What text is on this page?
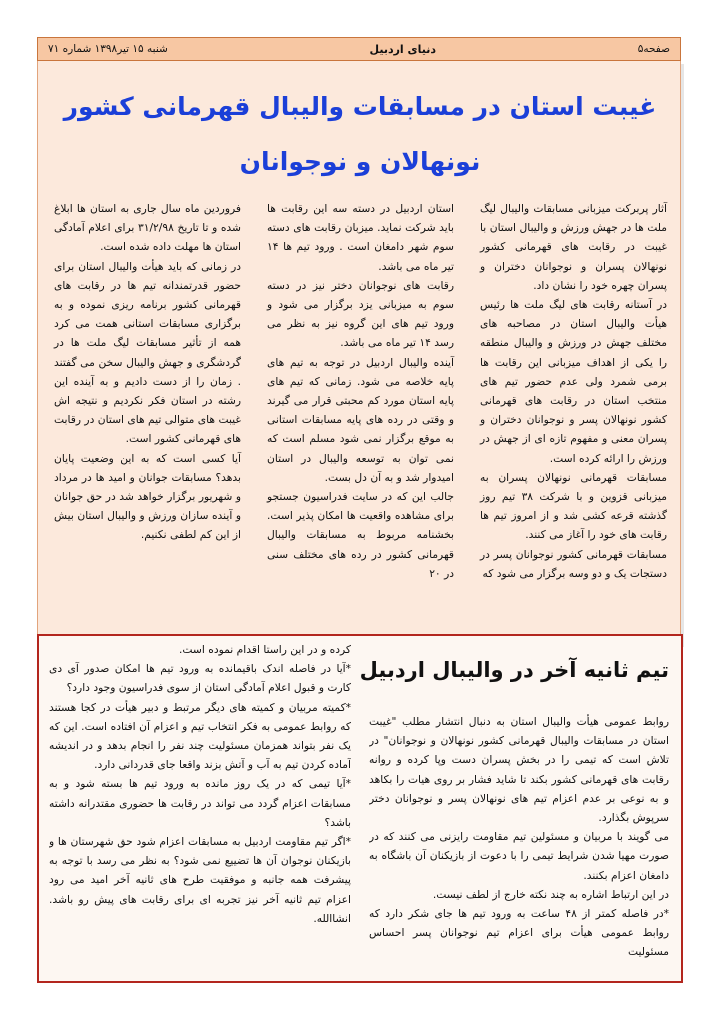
صفحه۵
دنیای اردبیل
شنبه ۱۵ تیر۱۳۹۸ شماره ۷۱
غیبت استان در مسابقات والیبال قهرمانی کشور
نونهالان و نوجوانان

آثار پربرکت میزبانی مسابقات والیبال لیگ ملت ها در جهش ورزش و والیبال استان با غیبت در رقابت های قهرمانی کشور نونهالان پسران و نوجوانان دختران و پسران چهره خود را نشان داد.

در آستانه رقابت های لیگ ملت ها رئیس هیأت والیبال استان در مصاحبه های مختلف جهش در ورزش و والیبال منطقه را یکی از اهداف میزبانی این رقابت ها برمی شمرد ولی عدم حضور تیم های منتخب استان در رقابت های قهرمانی کشور نونهالان پسر و نوجوانان دختران و پسران معنی و مفهوم تازه ای از جهش در ورزش را ارائه کرده است.

مسابقات قهرمانی نونهالان پسران به میزبانی قزوین و با شرکت ۳۸ تیم روز گذشته قرعه کشی شد و از امروز تیم ها رقابت های خود را آغاز می کنند.

مسابقات قهرمانی کشور نوجوانان پسر در دستجات یک و دو وسه برگزار می شود که

استان اردبیل در دسته سه این رقابت ها باید شرکت نماید. میزبان رقابت های دسته سوم شهر دامغان است . ورود تیم ها ۱۴ تیر ماه می باشد.

رقابت های نوجوانان دختر نیز در دسته سوم به میزبانی یزد برگزار می شود و ورود تیم های این گروه نیز به نظر می رسد ۱۴ تیر ماه می باشد.

آینده والیبال اردبیل در توجه به تیم های پایه خلاصه می شود. زمانی که تیم های پایه استان مورد کم محبتی قرار می گیرند و وقتی در رده های پایه مسابقات استانی به موقع برگزار نمی شود مسلم است که نمی توان به توسعه والیبال در استان امیدوار شد و به آن دل بست.

جالب این که در سایت فدراسیون جستجو برای مشاهده واقعیت ها امکان پذیر است. بخشنامه مربوط به مسابقات والیبال قهرمانی کشور در رده های مختلف سنی در ۲۰

فروردین ماه سال جاری به استان ها ابلاغ شده و تا تاریخ ۳۱/۲/۹۸ برای اعلام آمادگی استان ها مهلت داده شده است.

در زمانی که باید هیأت والیبال استان برای حضور قدرتمندانه تیم ها در رقابت های قهرمانی کشور برنامه ریزی نموده و به برگزاری مسابقات استانی همت می کرد همه از تأثیر مسابقات لیگ ملت ها در گردشگری و جهش والیبال سخن می گفتند . زمان را از دست دادیم و به آینده این رشته در استان فکر نکردیم و نتیجه اش غیبت های متوالی تیم های استان در رقابت های قهرمانی کشور است.

آیا کسی است که به این وضعیت پایان بدهد؟ مسابقات جوانان و امید ها در مرداد و شهریور برگزار خواهد شد در حق جوانان و آینده سازان ورزش و والیبال استان بیش از این کم لطفی نکنیم.

تیم ثانیه آخر در والیبال اردبیل

روابط عمومی هیأت والیبال استان به دنبال انتشار مطلب "غیبت استان در مسابقات والیبال قهرمانی کشور نونهالان و نوجوانان" در تلاش است که تیمی را در بخش پسران دست وپا کرده و روانه رقابت های قهرمانی کشور بکند تا شاید فشار بر روی هیات را بکاهد و به نوعی بر عدم اعزام تیم های نونهالان پسر و نوجوانان دختر سرپوش بگذارد.

می گویند با مربیان و مسئولین تیم مقاومت رایزنی می کنند که در صورت مهیا شدن شرایط تیمی را با دعوت از بازیکنان آن باشگاه به دامغان اعزام بکنند.

در این ارتباط اشاره به چند نکته خارج از لطف نیست.

*در فاصله کمتر از ۴۸ ساعت به ورود تیم ها جای شکر دارد که روابط عمومی هیأت برای اعزام تیم نوجوانان پسر احساس مسئولیت

کرده و در این راستا اقدام نموده است.

*آیا در فاصله اندک باقیمانده به ورود تیم ها امکان صدور آی دی کارت و قبول اعلام آمادگی استان از سوی فدراسیون وجود دارد؟

*کمیته مربیان و کمیته های دیگر مرتبط و دبیر هیأت در کجا هستند که روابط عمومی به فکر انتخاب تیم و اعزام آن افتاده است. این که یک نفر بتواند همزمان مسئولیت چند نفر را انجام بدهد و در اندیشه آماده کردن تیم به آب و آتش بزند واقعا جای قدردانی دارد.

*آیا تیمی که در یک روز مانده به ورود تیم ها بسته شود و به مسابقات اعزام گردد می تواند در رقابت ها حضوری مقتدرانه داشته باشد؟

*اگر تیم مقاومت اردبیل به مسابقات اعزام شود حق شهرستان ها و بازیکنان نوجوان آن ها تضییع نمی شود؟ به نظر می رسد با توجه به پیشرفت همه جانبه و موفقیت طرح های ثانیه آخر امید می رود اعزام تیم ثانیه آخر نیز تجربه ای برای رقابت های پیش رو باشد. انشاالله.
